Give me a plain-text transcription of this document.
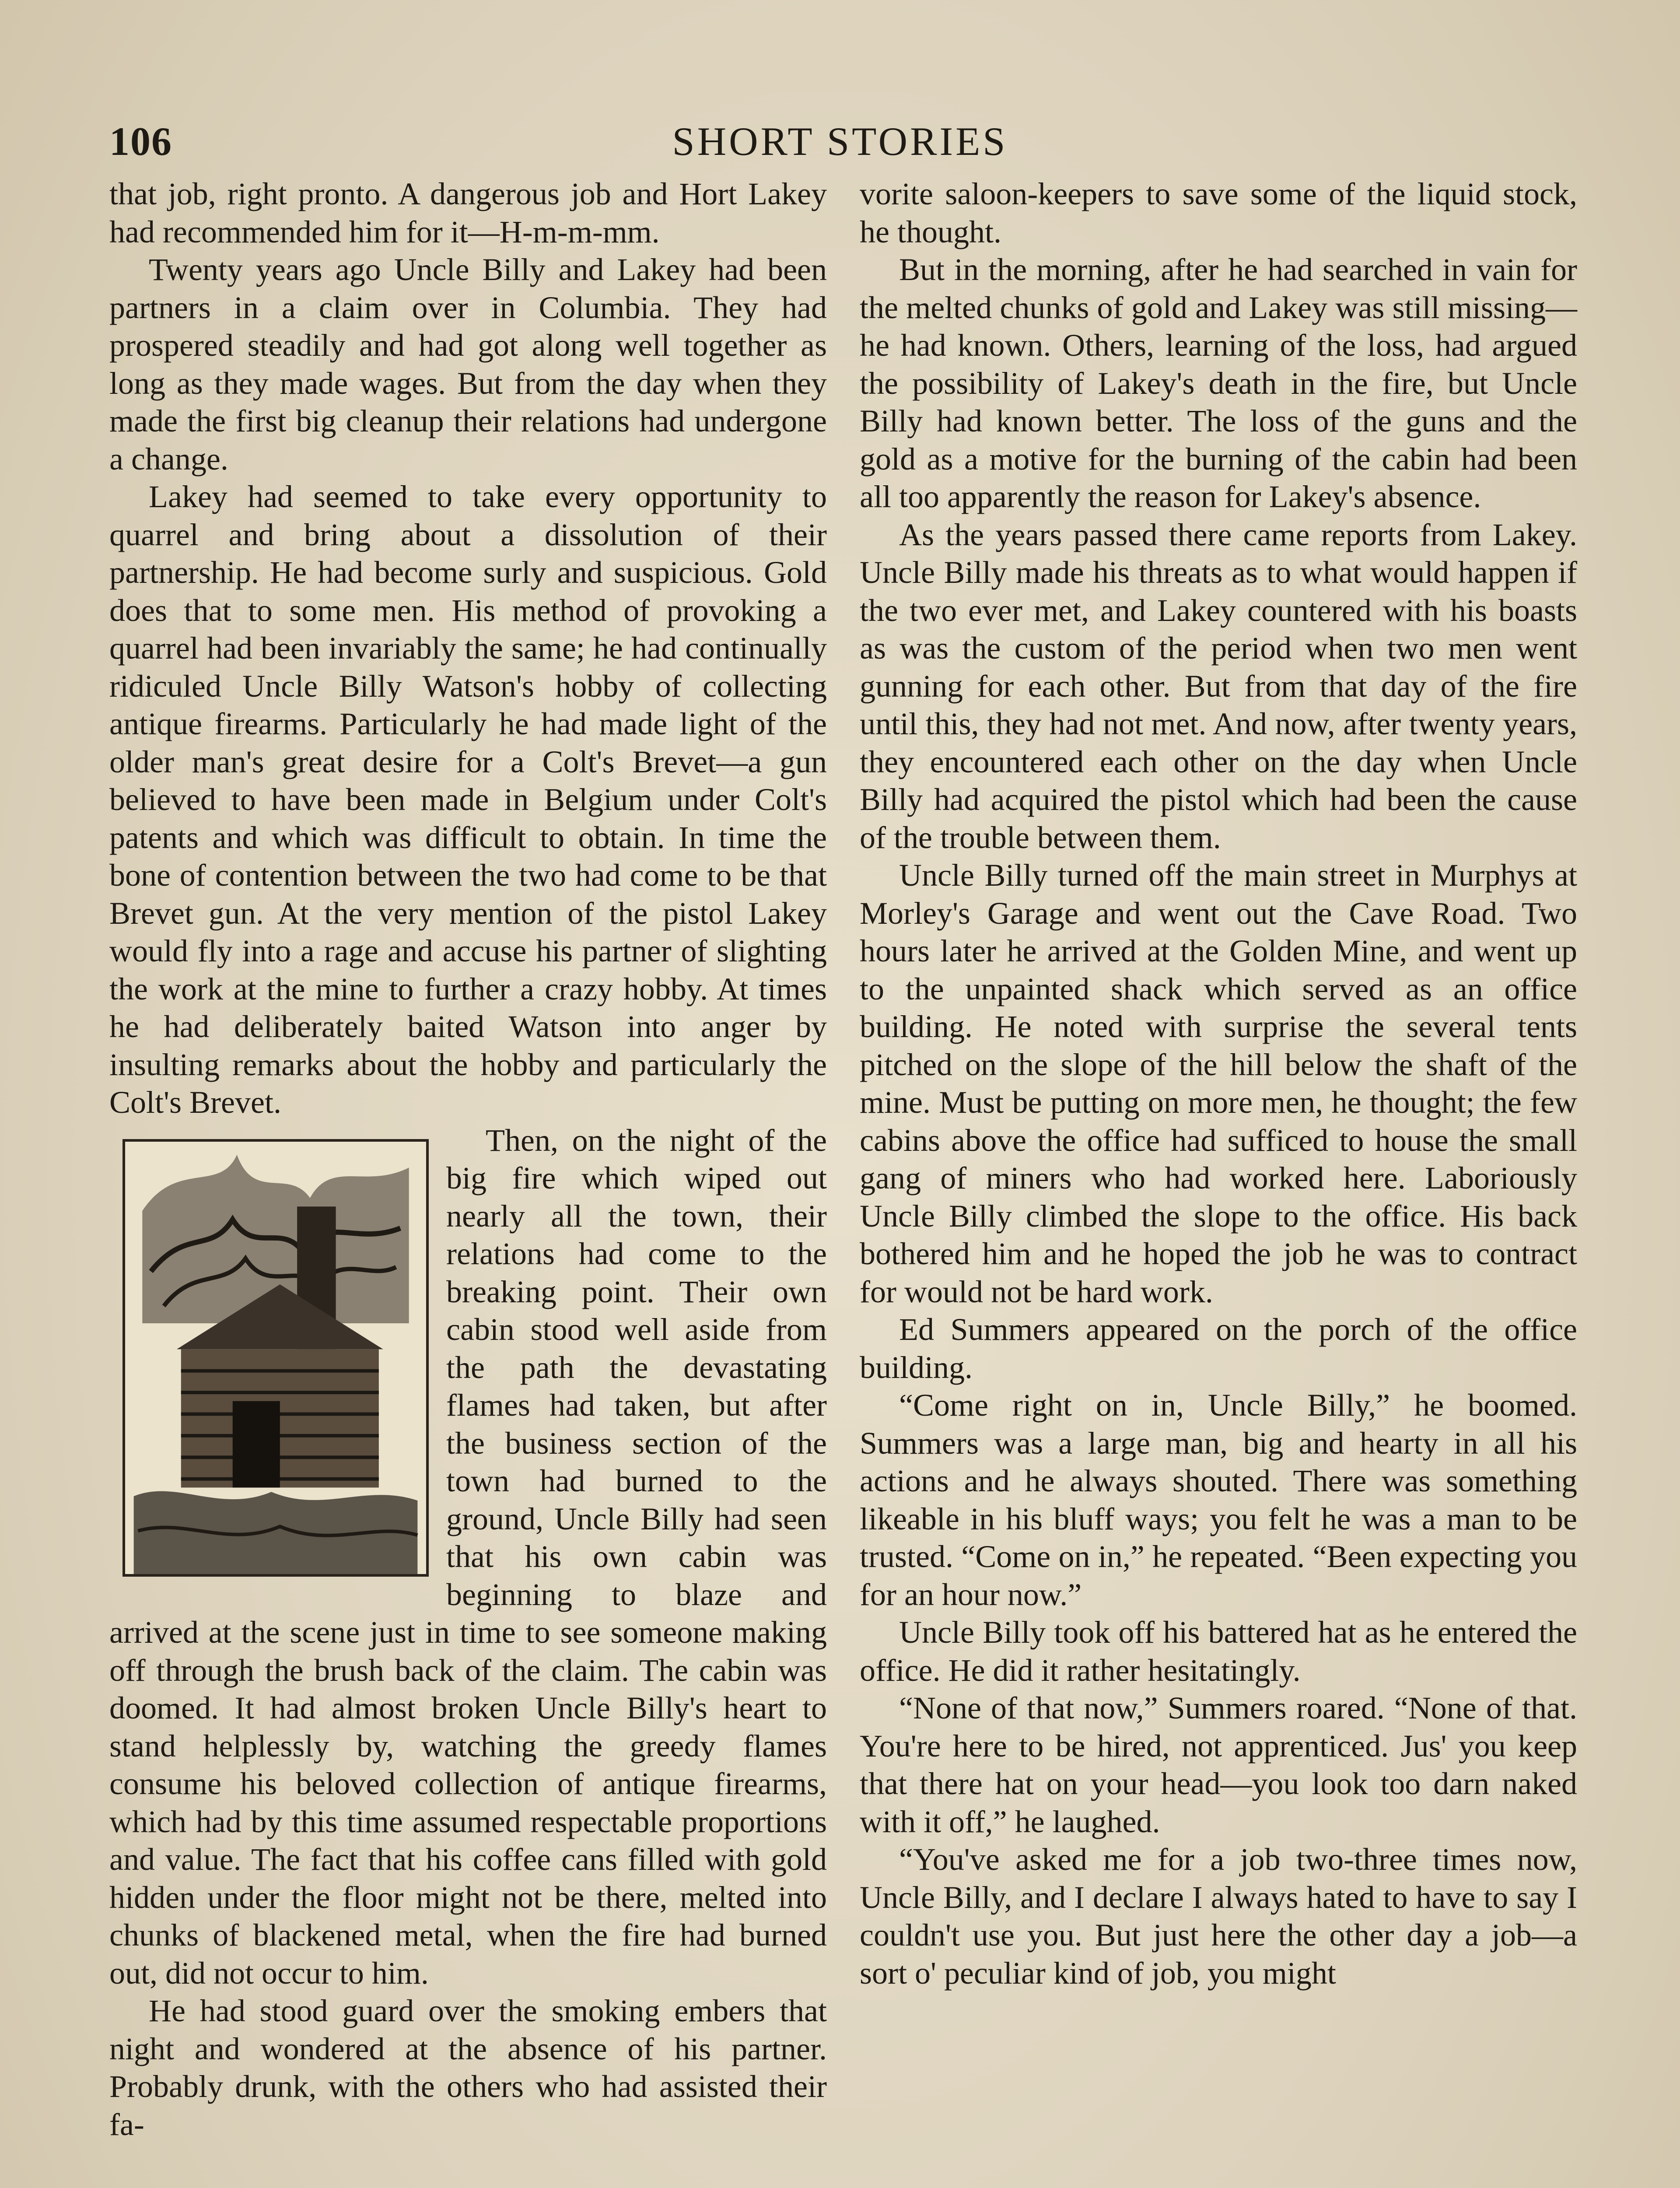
106	SHORT STORIES

that job, right pronto. A dangerous job and Hort Lakey had recommended him for it—H-m-m-mm.

Twenty years ago Uncle Billy and Lakey had been partners in a claim over in Columbia. They had prospered steadily and had got along well together as long as they made wages. But from the day when they made the first big cleanup their relations had undergone a change.

Lakey had seemed to take every opportunity to quarrel and bring about a dissolution of their partnership. He had become surly and suspicious. Gold does that to some men. His method of provoking a quarrel had been invariably the same; he had continually ridiculed Uncle Billy Watson's hobby of collecting antique firearms. Particularly he had made light of the older man's great desire for a Colt's Brevet—a gun believed to have been made in Belgium under Colt's patents and which was difficult to obtain. In time the bone of contention between the two had come to be that Brevet gun. At the very mention of the pistol Lakey would fly into a rage and accuse his partner of slighting the work at the mine to further a crazy hobby. At times he had deliberately baited Watson into anger by insulting remarks about the hobby and particularly the Colt's Brevet.

Then, on the night of the big fire which wiped out nearly all the town, their relations had come to the breaking point. Their own cabin stood well aside from the path the devastating flames had taken, but after the business section of the town had burned to the ground, Uncle Billy had seen that his own cabin was beginning to blaze and arrived at the scene just in time to see someone making off through the brush back of the claim. The cabin was doomed. It had almost broken Uncle Billy's heart to stand helplessly by, watching the greedy flames consume his beloved collection of antique firearms, which had by this time assumed respectable proportions and value. The fact that his coffee cans filled with gold hidden under the floor might not be there, melted into chunks of blackened metal, when the fire had burned out, did not occur to him.

He had stood guard over the smoking embers that night and wondered at the absence of his partner. Probably drunk, with the others who had assisted their fa-

vorite saloon-keepers to save some of the liquid stock, he thought.

But in the morning, after he had searched in vain for the melted chunks of gold and Lakey was still missing—he had known. Others, learning of the loss, had argued the possibility of Lakey's death in the fire, but Uncle Billy had known better. The loss of the guns and the gold as a motive for the burning of the cabin had been all too apparently the reason for Lakey's absence.

As the years passed there came reports from Lakey. Uncle Billy made his threats as to what would happen if the two ever met, and Lakey countered with his boasts as was the custom of the period when two men went gunning for each other. But from that day of the fire until this, they had not met. And now, after twenty years, they encountered each other on the day when Uncle Billy had acquired the pistol which had been the cause of the trouble between them.

Uncle Billy turned off the main street in Murphys at Morley's Garage and went out the Cave Road. Two hours later he arrived at the Golden Mine, and went up to the unpainted shack which served as an office building. He noted with surprise the several tents pitched on the slope of the hill below the shaft of the mine. Must be putting on more men, he thought; the few cabins above the office had sufficed to house the small gang of miners who had worked here. Laboriously Uncle Billy climbed the slope to the office. His back bothered him and he hoped the job he was to contract for would not be hard work.

Ed Summers appeared on the porch of the office building.

“Come right on in, Uncle Billy,” he boomed. Summers was a large man, big and hearty in all his actions and he always shouted. There was something likeable in his bluff ways; you felt he was a man to be trusted. “Come on in,” he repeated. “Been expecting you for an hour now.”

Uncle Billy took off his battered hat as he entered the office. He did it rather hesitatingly.

“None of that now,” Summers roared. “None of that. You're here to be hired, not apprenticed. Jus' you keep that there hat on your head—you look too darn naked with it off,” he laughed.

“You've asked me for a job two-three times now, Uncle Billy, and I declare I always hated to have to say I couldn't use you. But just here the other day a job—a sort o' peculiar kind of job, you might
